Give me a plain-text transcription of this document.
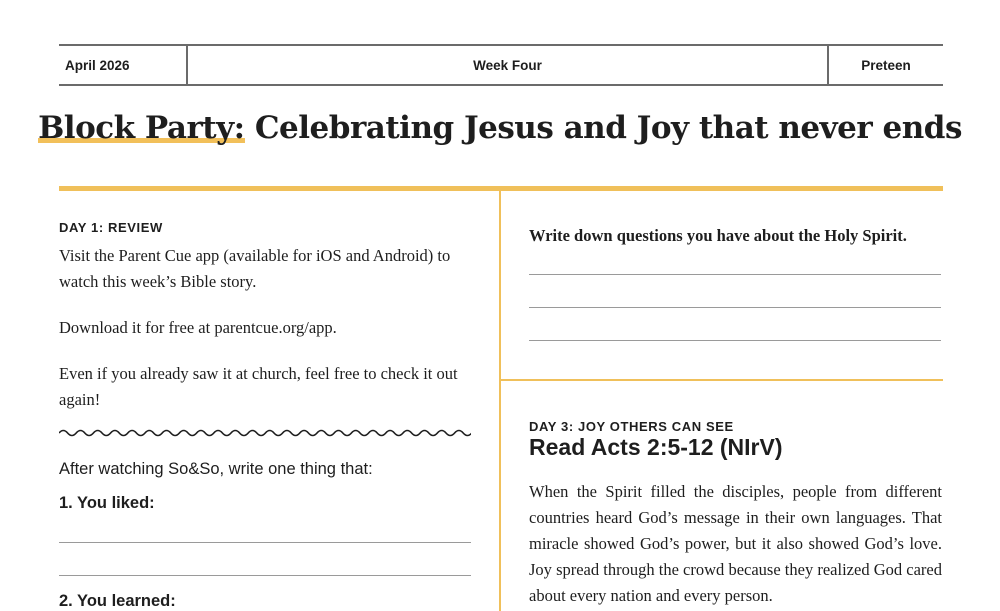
April 2026	Week Four	Preteen
Block Party: Celebrating Jesus and Joy that never ends
DAY 1: REVIEW
Visit the Parent Cue app (available for iOS and Android) to watch this week’s Bible story.
Download it for free at parentcue.org/app.
Even if you already saw it at church, feel free to check it out again!
After watching So&So, write one thing that:
1. You liked:
2. You learned:
Write down questions you have about the Holy Spirit.
DAY 3: JOY OTHERS CAN SEE
Read Acts 2:5-12 (NIrV)
When the Spirit filled the disciples, people from different countries heard God’s message in their own languages. That miracle showed God’s power, but it also showed God’s love. Joy spread through the crowd because they realized God cared about every nation and every person.
